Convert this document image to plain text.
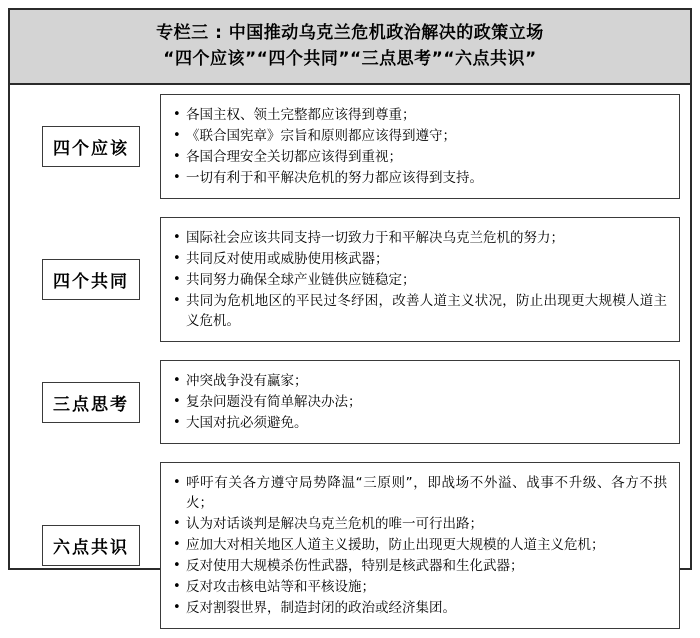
专栏三 : 中国推动乌克兰危机政治解决的政策立场
“四个应该”“四个共同”“三点思考”“六点共识”
四个应该
• 各国主权、领土完整都应该得到尊重；
• 《联合国宪章》宗旨和原则都应该得到遵守；
• 各国合理安全关切都应该得到重视；
• 一切有利于和平解决危机的努力都应该得到支持。
四个共同
• 国际社会应该共同支持一切致力于和平解决乌克兰危机的努力；
• 共同反对使用或威胁使用核武器；
• 共同努力确保全球产业链供应链稳定；
• 共同为危机地区的平民过冬纾困，改善人道主义状况，防止出现更大规模人道主义危机。
三点思考
• 冲突战争没有赢家；
• 复杂问题没有简单解决办法；
• 大国对抗必须避免。
六点共识
• 呼吁有关各方遵守局势降温“三原则”，即战场不外溢、战事不升级、各方不拱火；
• 认为对话谈判是解决乌克兰危机的唯一可行出路；
• 应加大对相关地区人道主义援助，防止出现更大规模的人道主义危机；
• 反对使用大规模杀伤性武器，特别是核武器和生化武器；
• 反对攻击核电站等和平核设施；
• 反对割裂世界，制造封闭的政治或经济集团。
